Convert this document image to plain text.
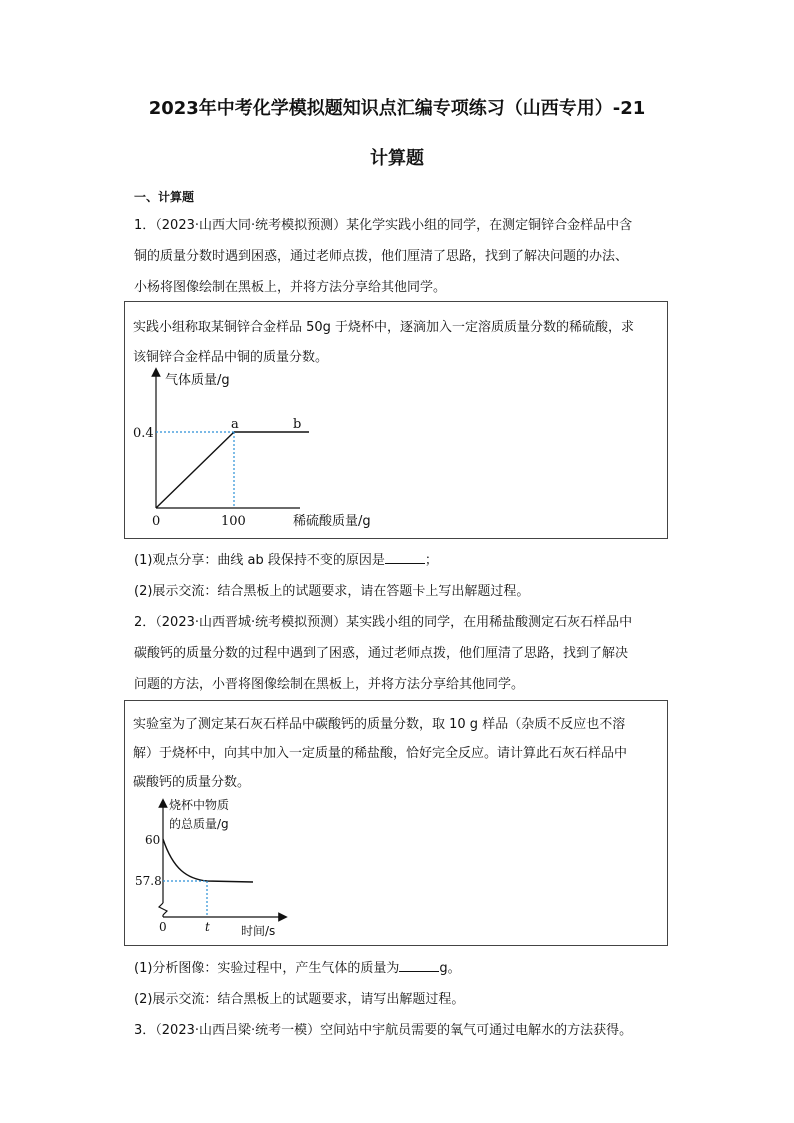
2023年中考化学模拟题知识点汇编专项练习（山西专用）-21
计算题
一、计算题
1．（2023·山西大同·统考模拟预测）某化学实践小组的同学，在测定铜锌合金样品中含
铜的质量分数时遇到困惑，通过老师点拨，他们厘清了思路，找到了解决问题的办法、
小杨将图像绘制在黑板上，并将方法分享给其他同学。
实践小组称取某铜锌合金样品 50g 于烧杯中，逐滴加入一定溶质质量分数的稀硫酸，求
该铜锌合金样品中铜的质量分数。
气体质量/g
0.4
a	b
0	100	稀硫酸质量/g
(1)观点分享：曲线 ab 段保持不变的原因是	；
(2)展示交流：结合黑板上的试题要求，请在答题卡上写出解题过程。
2．（2023·山西晋城·统考模拟预测）某实践小组的同学，在用稀盐酸测定石灰石样品中
碳酸钙的质量分数的过程中遇到了困惑，通过老师点拨，他们厘清了思路，找到了解决
问题的方法，小晋将图像绘制在黑板上，并将方法分享给其他同学。
实验室为了测定某石灰石样品中碳酸钙的质量分数，取 10 g 样品（杂质不反应也不溶
解）于烧杯中，向其中加入一定质量的稀盐酸，恰好完全反应。请计算此石灰石样品中
碳酸钙的质量分数。
烧杯中物质
的总质量/g
60
57.8
0	t	时间/s
(1)分析图像：实验过程中，产生气体的质量为	g。
(2)展示交流：结合黑板上的试题要求，请写出解题过程。
3．（2023·山西吕梁·统考一模）空间站中宇航员需要的氧气可通过电解水的方法获得。
